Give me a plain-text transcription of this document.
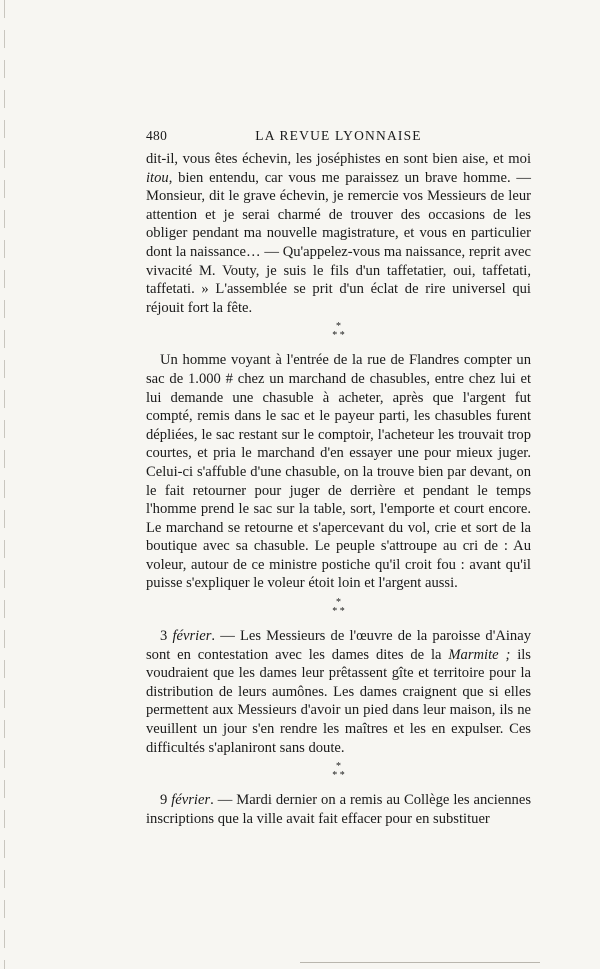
480	LA REVUE LYONNAISE

dit-il, vous êtes échevin, les joséphistes en sont bien aise, et moi itou, bien entendu, car vous me paraissez un brave homme. — Monsieur, dit le grave échevin, je remercie vos Messieurs de leur attention et je serai charmé de trouver des occasions de les obliger pendant ma nouvelle magistrature, et vous en particulier dont la naissance… — Qu'appelez-vous ma naissance, reprit avec vivacité M. Vouty, je suis le fils d'un taffetatier, oui, taffetati, taffetati. » L'assemblée se prit d'un éclat de rire universel qui réjouit fort la fête.

*
* *

Un homme voyant à l'entrée de la rue de Flandres compter un sac de 1.000 # chez un marchand de chasubles, entre chez lui et lui demande une chasuble à acheter, après que l'argent fut compté, remis dans le sac et le payeur parti, les chasubles furent dépliées, le sac restant sur le comptoir, l'acheteur les trouvait trop courtes, et pria le marchand d'en essayer une pour mieux juger. Celui-ci s'affuble d'une chasuble, on la trouve bien par devant, on le fait retourner pour juger de derrière et pendant le temps l'homme prend le sac sur la table, sort, l'emporte et court encore. Le marchand se retourne et s'apercevant du vol, crie et sort de la boutique avec sa chasuble. Le peuple s'attroupe au cri de : Au voleur, autour de ce ministre postiche qu'il croit fou : avant qu'il puisse s'expliquer le voleur étoit loin et l'argent aussi.

*
* *

3 février. — Les Messieurs de l'œuvre de la paroisse d'Ainay sont en contestation avec les dames dites de la Marmite ; ils voudraient que les dames leur prêtassent gîte et territoire pour la distribution de leurs aumônes. Les dames craignent que si elles permettent aux Messieurs d'avoir un pied dans leur maison, ils ne veuillent un jour s'en rendre les maîtres et les en expulser. Ces difficultés s'aplaniront sans doute.

*
* *

9 février. — Mardi dernier on a remis au Collège les anciennes inscriptions que la ville avait fait effacer pour en substituer
